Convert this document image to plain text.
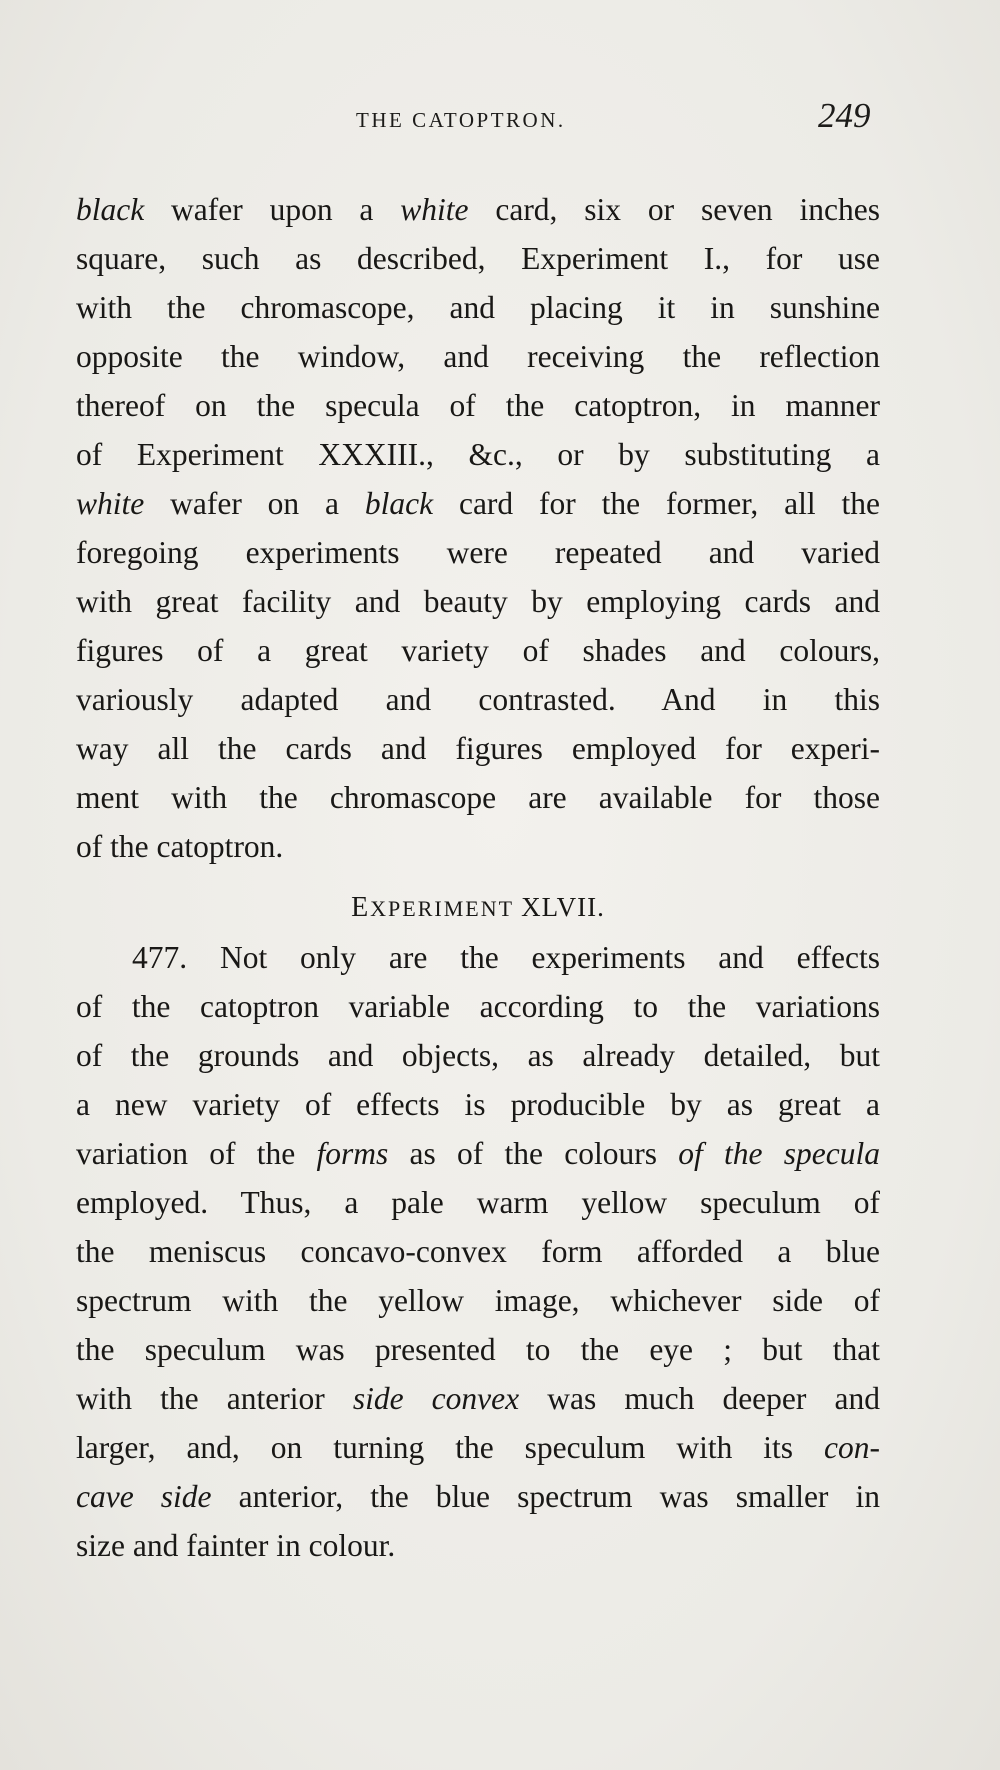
THE CATOPTRON.	249
black wafer upon a white card, six or seven inches
square, such as described, Experiment I., for use
with the chromascope, and placing it in sunshine
opposite the window, and receiving the reflection
thereof on the specula of the catoptron, in manner
of Experiment XXXIII., &c., or by substituting a
white wafer on a black card for the former, all the
foregoing experiments were repeated and varied
with great facility and beauty by employing cards and
figures of a great variety of shades and colours,
variously adapted and contrasted. And in this
way all the cards and figures employed for experi-
ment with the chromascope are available for those
of the catoptron.
EXPERIMENT XLVII.
477. Not only are the experiments and effects
of the catoptron variable according to the variations
of the grounds and objects, as already detailed, but
a new variety of effects is producible by as great a
variation of the forms as of the colours of the specula
employed. Thus, a pale warm yellow speculum of
the meniscus concavo-convex form afforded a blue
spectrum with the yellow image, whichever side of
the speculum was presented to the eye ; but that
with the anterior side convex was much deeper and
larger, and, on turning the speculum with its con-
cave side anterior, the blue spectrum was smaller in
size and fainter in colour.
